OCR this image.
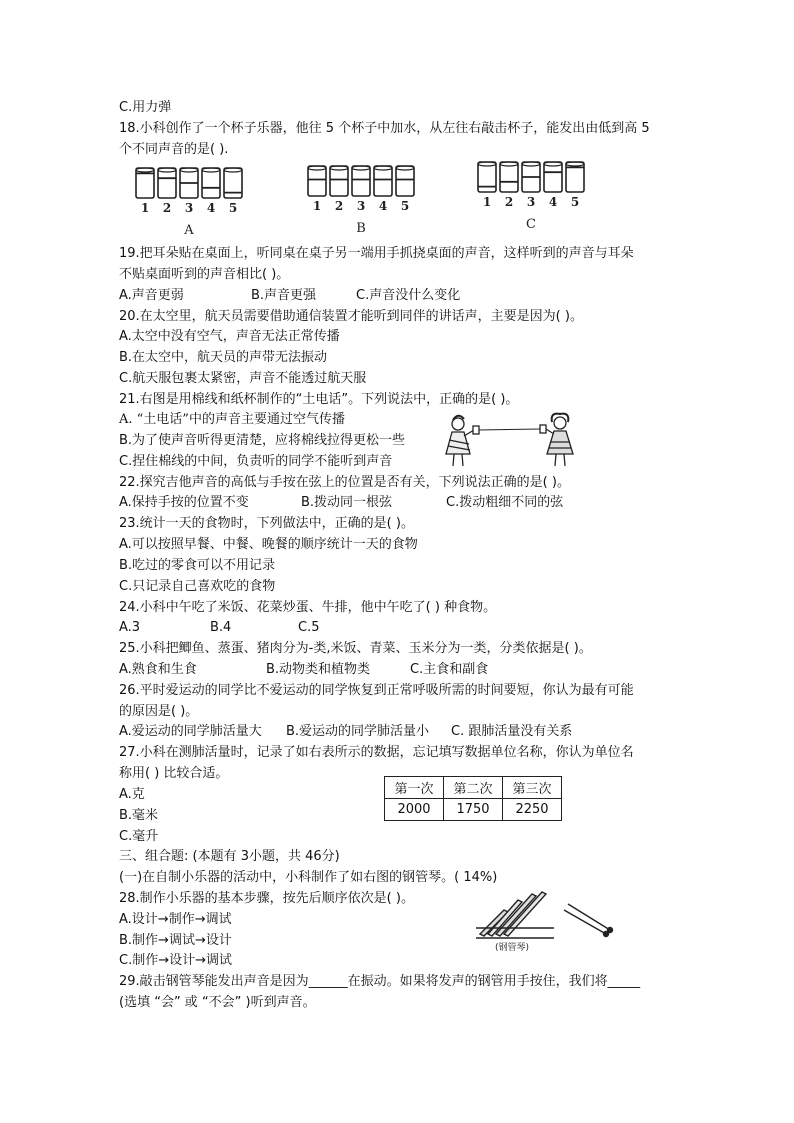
C.用力弹
18.小科创作了一个杯子乐器，他往 5 个杯子中加水，从左往右敲击杯子，能发出由低到高 5
个不同声音的是( ).
1 2 3 4 5
A
1 2 3 4 5
B
1 2 3 4 5
C
19.把耳朵贴在桌面上，听同桌在桌子另一端用手抓挠桌面的声音，这样听到的声音与耳朵
不贴桌面听到的声音相比( )。
A.声音更弱	B.声音更强	C.声音没什么变化
20.在太空里，航天员需要借助通信装置才能听到同伴的讲话声，主要是因为( )。
A.太空中没有空气，声音无法正常传播
B.在太空中，航天员的声带无法振动
C.航天服包裹太紧密，声音不能透过航天服
21.右图是用棉线和纸杯制作的“土电话”。下列说法中，正确的是( )。
A. “土电话”中的声音主要通过空气传播
B.为了使声音听得更清楚，应将棉线拉得更松一些
C.捏住棉线的中间，负责听的同学不能听到声音
22.探究吉他声音的高低与手按在弦上的位置是否有关，下列说法正确的是( )。
A.保持手按的位置不变	B.拨动同一根弦	C.拨动粗细不同的弦
23.统计一天的食物时，下列做法中，正确的是( )。
A.可以按照早餐、中餐、晚餐的顺序统计一天的食物
B.吃过的零食可以不用记录
C.只记录自己喜欢吃的食物
24.小科中午吃了米饭、花菜炒蛋、牛排，他中午吃了( ) 种食物。
A.3	B.4	C.5
25.小科把鲫鱼、蒸蛋、猪肉分为-类,米饭、青菜、玉米分为一类，分类依据是( )。
A.熟食和生食	B.动物类和植物类	C.主食和副食
26.平时爱运动的同学比不爱运动的同学恢复到正常呼吸所需的时间要短，你认为最有可能
的原因是( )。
A.爱运动的同学肺活量大 B.爱运动的同学肺活量小 C. 跟肺活量没有关系
27.小科在测肺活量时，记录了如右表所示的数据，忘记填写数据单位名称，你认为单位名
称用( ) 比较合适。
A.克
B.毫米
C.毫升
第一次	第二次	第三次
2000	1750	2250
三、组合题: (本题有 3小题，共 46分)
(一)在自制小乐器的活动中，小科制作了如右图的钢管琴。( 14%)
28.制作小乐器的基本步骤，按先后顺序依次是( )。
A.设计→制作→调试
B.制作→调试→设计
C.制作→设计→调试
(钢管琴)
29.敲击钢管琴能发出声音是因为______在振动。如果将发声的钢管用手按住，我们将_____
(选填 “会” 或 “不会” )听到声音。
